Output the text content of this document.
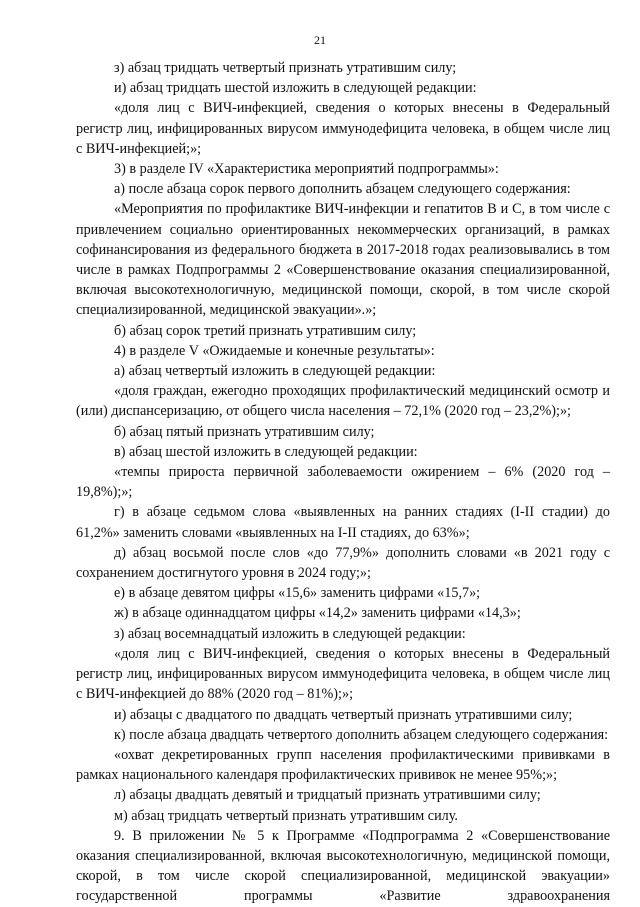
21

з) абзац тридцать четвертый признать утратившим силу;

и) абзац тридцать шестой изложить в следующей редакции:

«доля лиц с ВИЧ-инфекцией, сведения о которых внесены в Федеральный регистр лиц, инфицированных вирусом иммунодефицита человека, в общем числе лиц с ВИЧ-инфекцией;»;

3) в разделе IV «Характеристика мероприятий подпрограммы»:

а) после абзаца сорок первого дополнить абзацем следующего содержания:

«Мероприятия по профилактике ВИЧ-инфекции и гепатитов В и С, в том числе с привлечением социально ориентированных некоммерческих организаций, в рамках софинансирования из федерального бюджета в 2017-2018 годах реализовывались в том числе в рамках Подпрограммы 2 «Совершенствование оказания специализированной, включая высокотехнологичную, медицинской помощи, скорой, в том числе скорой специализированной, медицинской эвакуации».»;

б) абзац сорок третий признать утратившим силу;

4) в разделе V «Ожидаемые и конечные результаты»:

а) абзац четвертый изложить в следующей редакции:

«доля граждан, ежегодно проходящих профилактический медицинский осмотр и (или) диспансеризацию, от общего числа населения – 72,1% (2020 год – 23,2%);»;

б) абзац пятый признать утратившим силу;

в) абзац шестой изложить в следующей редакции:

«темпы прироста первичной заболеваемости ожирением – 6% (2020 год – 19,8%);»;

г) в абзаце седьмом слова «выявленных на ранних стадиях (I-II стадии) до 61,2%» заменить словами «выявленных на I-II стадиях, до 63%»;

д) абзац восьмой после слов «до 77,9%» дополнить словами «в 2021 году с сохранением достигнутого уровня в 2024 году;»;

е) в абзаце девятом цифры «15,6» заменить цифрами «15,7»;

ж) в абзаце одиннадцатом цифры «14,2» заменить цифрами «14,3»;

з) абзац восемнадцатый изложить в следующей редакции:

«доля лиц с ВИЧ-инфекцией, сведения о которых внесены в Федеральный регистр лиц, инфицированных вирусом иммунодефицита человека, в общем числе лиц с ВИЧ-инфекцией до 88% (2020 год – 81%);»;

и) абзацы с двадцатого по двадцать четвертый признать утратившими силу;

к) после абзаца двадцать четвертого дополнить абзацем следующего содержания:

«охват декретированных групп населения профилактическими прививками в рамках национального календаря профилактических прививок не менее 95%;»;

л) абзацы двадцать девятый и тридцатый признать утратившими силу;

м) абзац тридцать четвертый признать утратившим силу.

9. В приложении № 5 к Программе «Подпрограмма 2 «Совершенствование оказания специализированной, включая высокотехнологичную, медицинской помощи, скорой, в том числе скорой специализированной, медицинской эвакуации» государственной программы «Развитие здравоохранения
